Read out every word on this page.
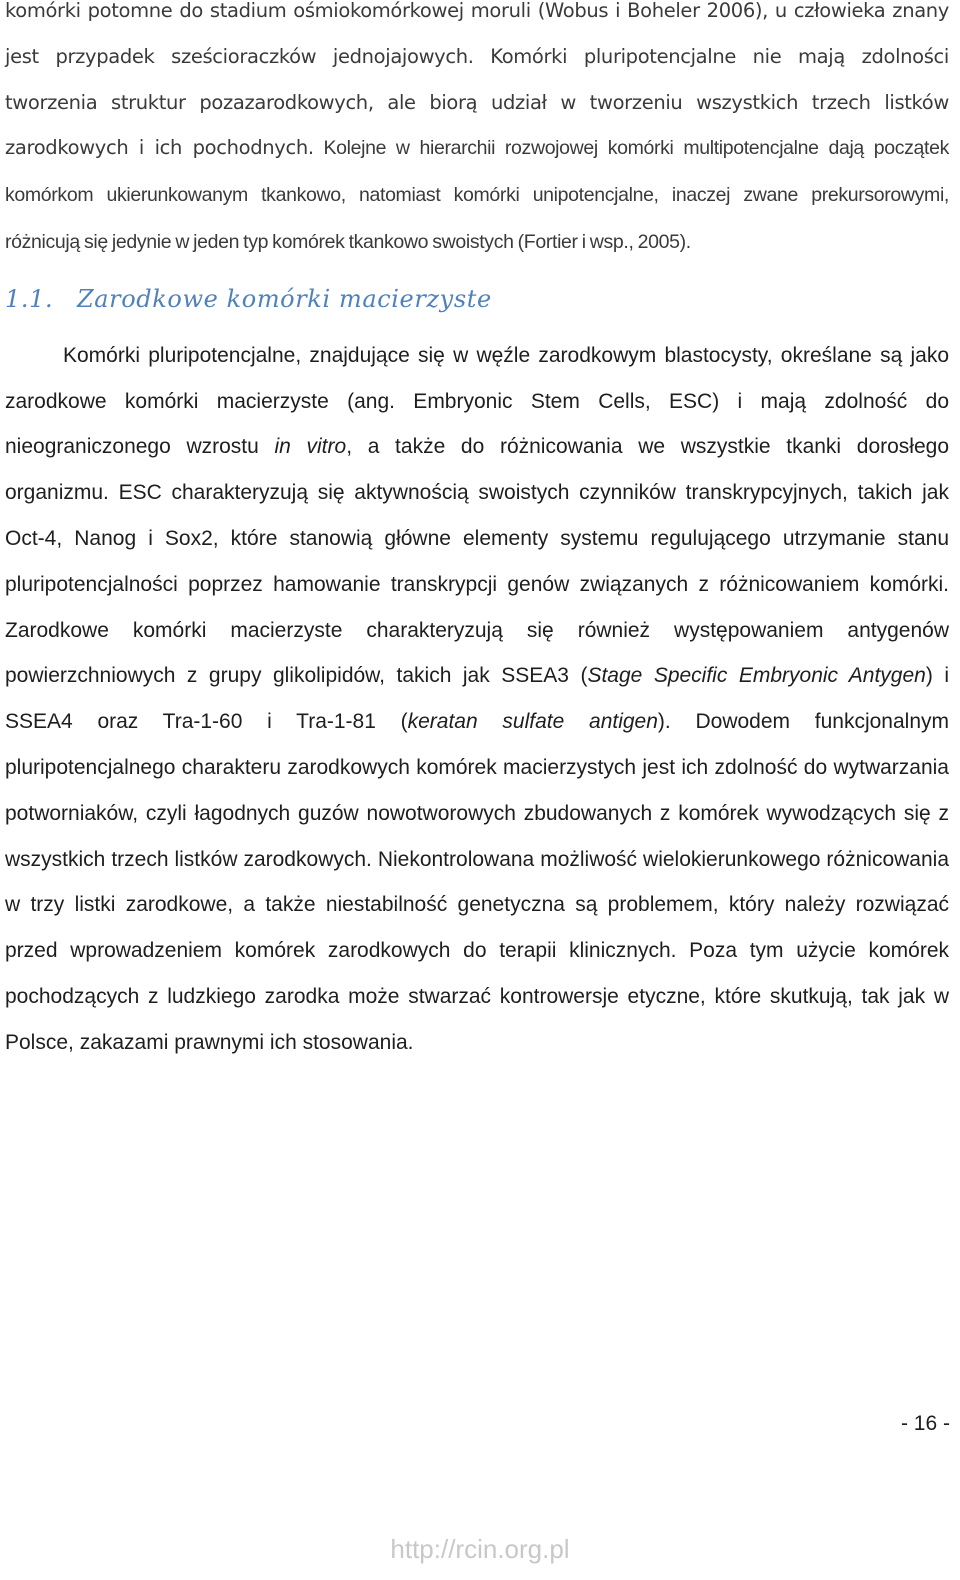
komórki potomne do stadium ośmiokomórkowej moruli (Wobus i Boheler 2006), u człowieka znany jest przypadek sześcioraczków jednojajowych. Komórki pluripotencjalne nie mają zdolności tworzenia struktur pozazarodkowych, ale biorą udział w tworzeniu wszystkich trzech listków zarodkowych i ich pochodnych. Kolejne w hierarchii rozwojowej komórki multipotencjalne dają początek komórkom ukierunkowanym tkankowo, natomiast komórki unipotencjalne, inaczej zwane prekursorowymi, różnicują się jedynie w jeden typ komórek tkankowo swoistych (Fortier i wsp., 2005).

1.1. Zarodkowe komórki macierzyste

Komórki pluripotencjalne, znajdujące się w węźle zarodkowym blastocysty, określane są jako zarodkowe komórki macierzyste (ang. Embryonic Stem Cells, ESC) i mają zdolność do nieograniczonego wzrostu in vitro, a także do różnicowania we wszystkie tkanki dorosłego organizmu. ESC charakteryzują się aktywnością swoistych czynników transkrypcyjnych, takich jak Oct-4, Nanog i Sox2, które stanowią główne elementy systemu regulującego utrzymanie stanu pluripotencjalności poprzez hamowanie transkrypcji genów związanych z różnicowaniem komórki. Zarodkowe komórki macierzyste charakteryzują się również występowaniem antygenów powierzchniowych z grupy glikolipidów, takich jak SSEA3 (Stage Specific Embryonic Antygen) i SSEA4 oraz Tra-1-60 i Tra-1-81 (keratan sulfate antigen). Dowodem funkcjonalnym pluripotencjalnego charakteru zarodkowych komórek macierzystych jest ich zdolność do wytwarzania potworniaków, czyli łagodnych guzów nowotworowych zbudowanych z komórek wywodzących się z wszystkich trzech listków zarodkowych. Niekontrolowana możliwość wielokierunkowego różnicowania w trzy listki zarodkowe, a także niestabilność genetyczna są problemem, który należy rozwiązać przed wprowadzeniem komórek zarodkowych do terapii klinicznych. Poza tym użycie komórek pochodzących z ludzkiego zarodka może stwarzać kontrowersje etyczne, które skutkują, tak jak w Polsce, zakazami prawnymi ich stosowania.

- 16 -
http://rcin.org.pl
